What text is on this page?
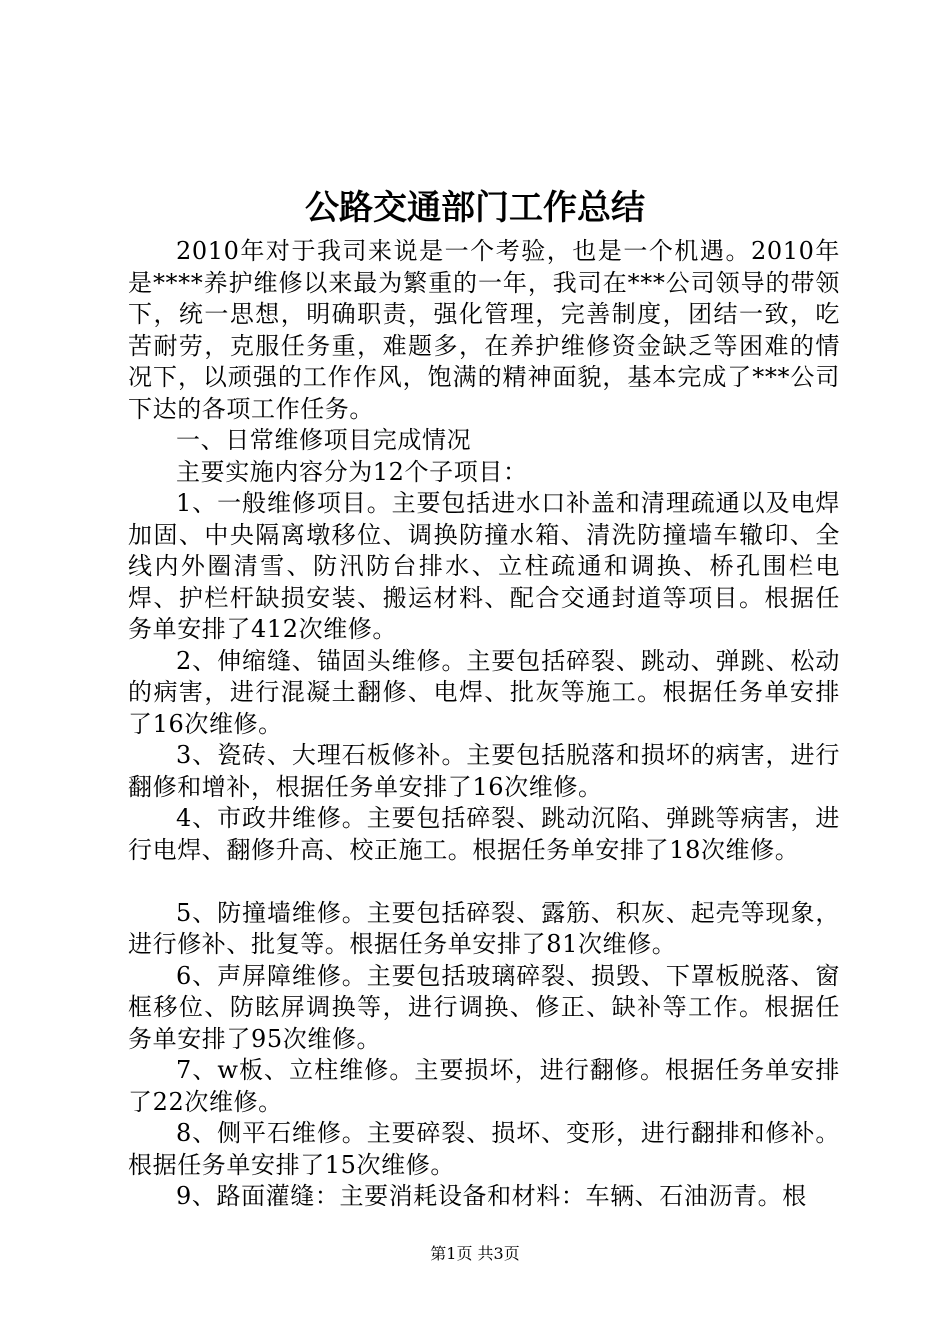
公路交通部门工作总结

2010年对于我司来说是一个考验，也是一个机遇。2010年是****养护维修以来最为繁重的一年，我司在***公司领导的带领下，统一思想，明确职责，强化管理，完善制度，团结一致，吃苦耐劳，克服任务重，难题多，在养护维修资金缺乏等困难的情况下，以顽强的工作作风，饱满的精神面貌，基本完成了***公司下达的各项工作任务。

一、日常维修项目完成情况

主要实施内容分为12个子项目：

1、一般维修项目。主要包括进水口补盖和清理疏通以及电焊加固、中央隔离墩移位、调换防撞水箱、清洗防撞墙车辙印、全线内外圈清雪、防汛防台排水、立柱疏通和调换、桥孔围栏电焊、护栏杆缺损安装、搬运材料、配合交通封道等项目。根据任务单安排了412次维修。

2、伸缩缝、锚固头维修。主要包括碎裂、跳动、弹跳、松动的病害，进行混凝土翻修、电焊、批灰等施工。根据任务单安排了16次维修。

3、瓷砖、大理石板修补。主要包括脱落和损坏的病害，进行翻修和增补，根据任务单安排了16次维修。

4、市政井维修。主要包括碎裂、跳动沉陷、弹跳等病害，进行电焊、翻修升高、校正施工。根据任务单安排了18次维修。

5、防撞墙维修。主要包括碎裂、露筋、积灰、起壳等现象，进行修补、批复等。根据任务单安排了81次维修。

6、声屏障维修。主要包括玻璃碎裂、损毁、下罩板脱落、窗框移位、防眩屏调换等，进行调换、修正、缺补等工作。根据任务单安排了95次维修。

7、w板、立柱维修。主要损坏，进行翻修。根据任务单安排了22次维修。

8、侧平石维修。主要碎裂、损坏、变形，进行翻排和修补。根据任务单安排了15次维修。

9、路面灌缝：主要消耗设备和材料：车辆、石油沥青。根

第1页 共3页
